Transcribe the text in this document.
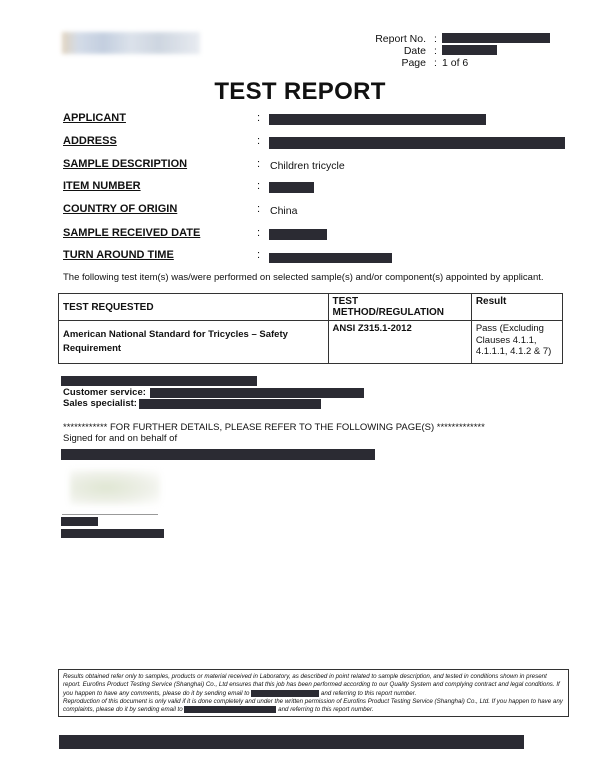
Report No. :
Date :
Page : 1 of 6
TEST REPORT
APPLICANT	:
ADDRESS	:
SAMPLE DESCRIPTION	: Children tricycle
ITEM NUMBER	:
COUNTRY OF ORIGIN	: China
SAMPLE RECEIVED DATE	:
TURN AROUND TIME	:
The following test item(s) was/were performed on selected sample(s) and/or component(s) appointed by applicant.
TEST REQUESTED	TEST METHOD/REGULATION	Result
American National Standard for Tricycles – Safety Requirement	ANSI Z315.1-2012	Pass (Excluding Clauses 4.1.1, 4.1.1.1, 4.1.2 & 7)
Customer service:
Sales specialist:
************ FOR FURTHER DETAILS, PLEASE REFER TO THE FOLLOWING PAGE(S) *************
Signed for and on behalf of
Results obtained refer only to samples, products or material received in Laboratory, as described in point related to sample description, and tested in conditions shown in present report. Eurofins Product Testing Service (Shanghai) Co., Ltd ensures that this job has been performed according to our Quality System and complying contract and legal conditions. If you happen to have any comments, please do it by sending email to	and referring to this report number.
Reproduction of this document is only valid if it is done completely and under the written permission of Eurofins Product Testing Service (Shanghai) Co., Ltd. If you happen to have any complaints, please do it by sending email to	and referring to this report number.
